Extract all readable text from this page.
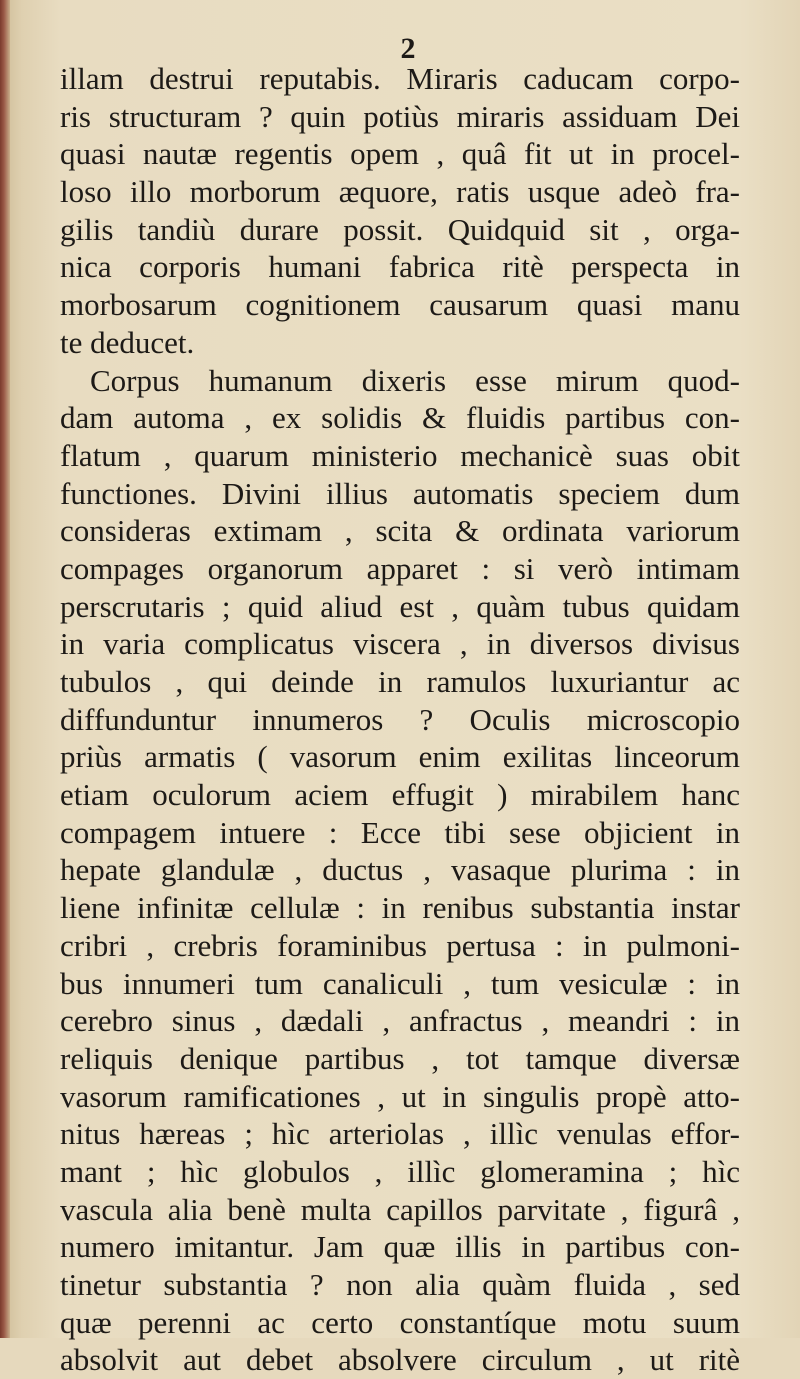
2
illam destrui reputabis. Miraris caducam corpo-
ris structuram ? quin potiùs miraris assiduam Dei
quasi nautæ regentis opem , quâ fit ut in procel-
loso illo morborum æquore, ratis usque adeò fra-
gilis tandiù durare possit. Quidquid sit , orga-
nica corporis humani fabrica ritè perspecta in
morbosarum cognitionem causarum quasi manu
te deducet.
Corpus humanum dixeris esse mirum quod-
dam automa , ex solidis & fluidis partibus con-
flatum , quarum ministerio mechanicè suas obit
functiones. Divini illius automatis speciem dum
consideras extimam , scita & ordinata variorum
compages organorum apparet : si verò intimam
perscrutaris ; quid aliud est , quàm tubus quidam
in varia complicatus viscera , in diversos divisus
tubulos , qui deinde in ramulos luxuriantur ac
diffunduntur innumeros ? Oculis microscopio
priùs armatis ( vasorum enim exilitas linceorum
etiam oculorum aciem effugit ) mirabilem hanc
compagem intuere : Ecce tibi sese objicient in
hepate glandulæ , ductus , vasaque plurima : in
liene infinitæ cellulæ : in renibus substantia instar
cribri , crebris foraminibus pertusa : in pulmoni-
bus innumeri tum canaliculi , tum vesiculæ : in
cerebro sinus , dædali , anfractus , meandri : in
reliquis denique partibus , tot tamque diversæ
vasorum ramificationes , ut in singulis propè atto-
nitus hæreas ; hìc arteriolas , illìc venulas effor-
mant ; hìc globulos , illìc glomeramina ; hìc
vascula alia benè multa capillos parvitate , figurâ ,
numero imitantur. Jam quæ illis in partibus con-
tinetur substantia ? non alia quàm fluida , sed
quæ perenni ac certo constantíque motu suum
absolvit aut debet absolvere circulum , ut ritè
